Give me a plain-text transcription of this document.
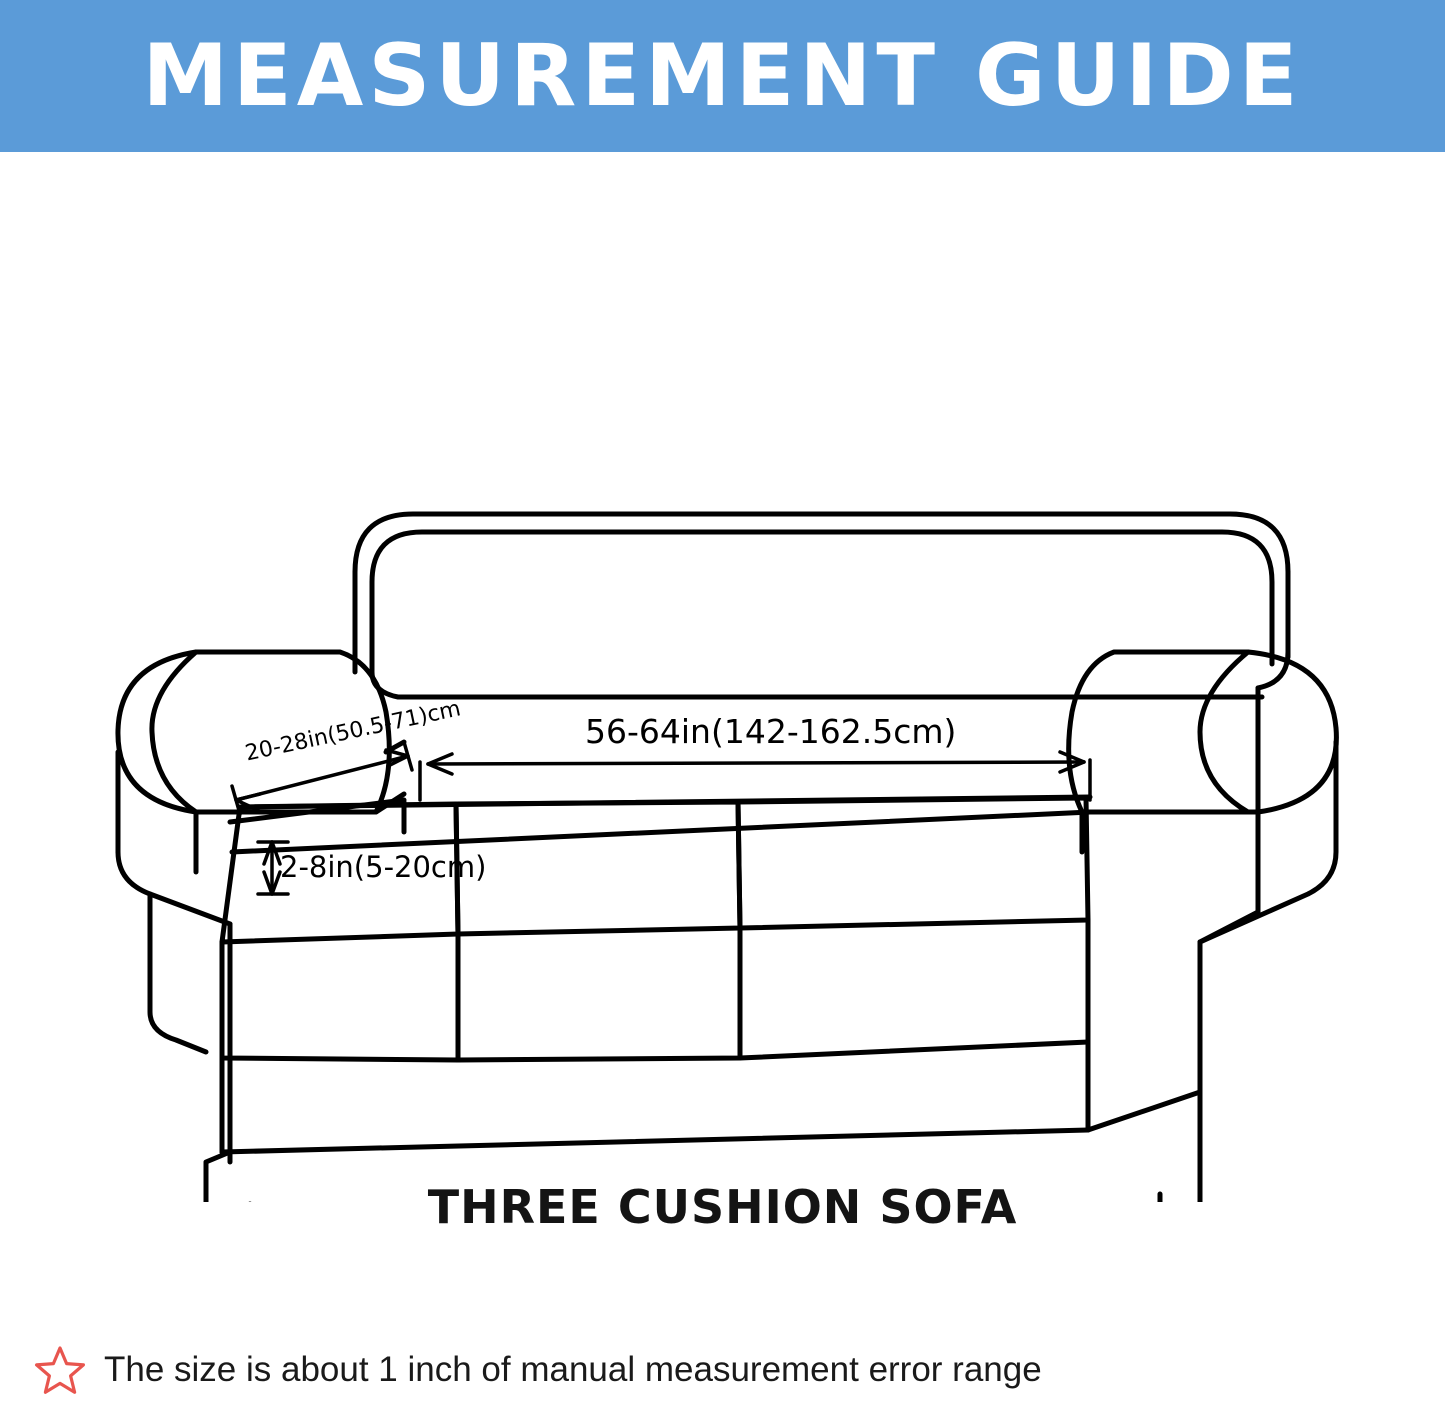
MEASUREMENT GUIDE
56-64in(142-162.5cm)
20-28in(50.5-71)cm
2-8in(5-20cm)
THREE CUSHION SOFA
The size is about 1 inch of manual measurement error range
